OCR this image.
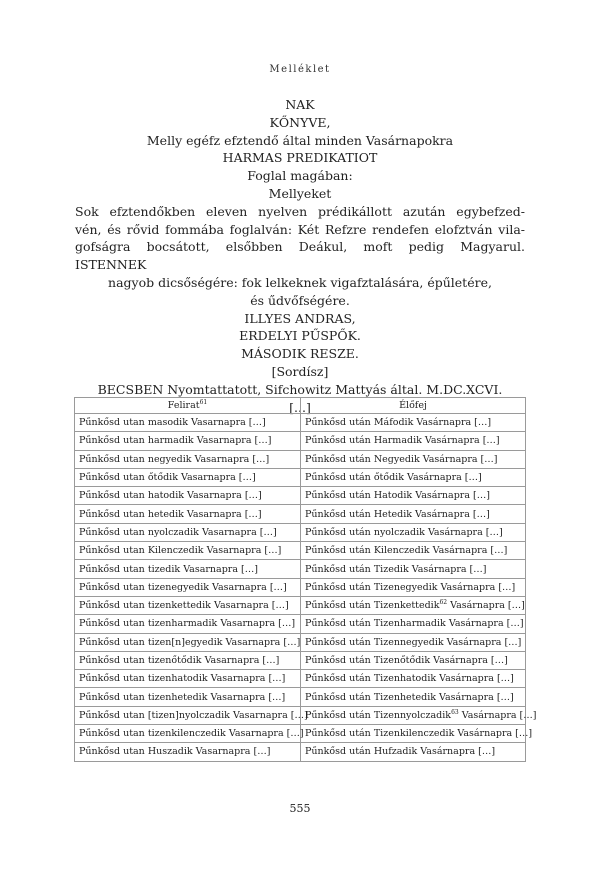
Melléklet
NAK
KŐNYVE,
Melly egéfz efztendő által minden Vasárnapokra
HARMAS PREDIKATIOT
Foglal magában:
Mellyeket
Sok efztendőkben eleven nyelven prédikállott azután egybefzed-
vén, és rővid fommába foglalván: Két Refzre rendefen elofztván vila-
gofságra bocsátott, elsőbben Deákul, moft pedig Magyarul. ISTENNEK
nagyob dicsőségére: fok lelkeknek vigafztalására, épűletére,
és űdvőfségére.
ILLYES ANDRAS,
ERDELYI PŰSPŐK.
MÁSODIK RESZE.
[Sordísz]
BECSBEN Nyomtattatott, Sifchowitz Mattyás által. M.DC.XCVI.
[...]
Felirat$^{61}$	Élőfej
Pűnkősd utan masodik Vasarnapra […]	Pűnkősd után Máfodik Vasárnapra […]
Pűnkősd utan harmadik Vasarnapra […]	Pűnkősd után Harmadik Vasárnapra […]
Pűnkősd utan negyedik Vasarnapra […]	Pűnkősd után Negyedik Vasárnapra […]
Pűnkősd utan őtődik Vasarnapra […]	Pűnkősd után őtődik Vasárnapra […]
Pűnkősd utan hatodik Vasarnapra […]	Pűnkősd után Hatodik Vasárnapra […]
Pűnkősd utan hetedik Vasarnapra […]	Pűnkősd után Hetedik Vasárnapra […]
Pűnkősd utan nyolczadik Vasarnapra […]	Pűnkősd után nyolczadik Vasárnapra […]
Pűnkősd utan Kilenczedik Vasarnapra […]	Pűnkősd után Kilenczedik Vasárnapra […]
Pűnkősd utan tizedik Vasarnapra […]	Pűnkősd után Tizedik Vasárnapra […]
Pűnkősd utan tizenegyedik Vasarnapra […]	Pűnkősd után Tizenegyedik Vasárnapra […]
Pűnkősd utan tizenkettedik Vasarnapra […]	Pűnkősd után Tizenkettedik$^{62}$ Vasárnapra […]
Pűnkősd utan tizenharmadik Vasarnapra […]	Pűnkősd után Tizenharmadik Vasárnapra […]
Pűnkősd utan tizen[n]egyedik Vasarnapra […]	Pűnkősd után Tizennegyedik Vasárnapra […]
Pűnkősd utan tizenőtődik Vasarnapra […]	Pűnkősd után Tizenőtődik Vasárnapra […]
Pűnkősd utan tizenhatodik Vasarnapra […]	Pűnkősd után Tizenhatodik Vasárnapra […]
Pűnkősd utan tizenhetedik Vasarnapra […]	Pűnkősd után Tizenhetedik Vasárnapra […]
Pűnkősd utan [tizen]nyolczadik Vasarnapra […]	Pűnkősd után Tizennyolczadik$^{63}$ Vasárnapra […]
Pűnkősd utan tizenkilenczedik Vasarnapra […]	Pűnkősd után Tizenkilenczedik Vasárnapra […]
Pűnkősd utan Huszadik Vasarnapra […]	Pűnkősd után Hufzadik Vasárnapra […]
555
